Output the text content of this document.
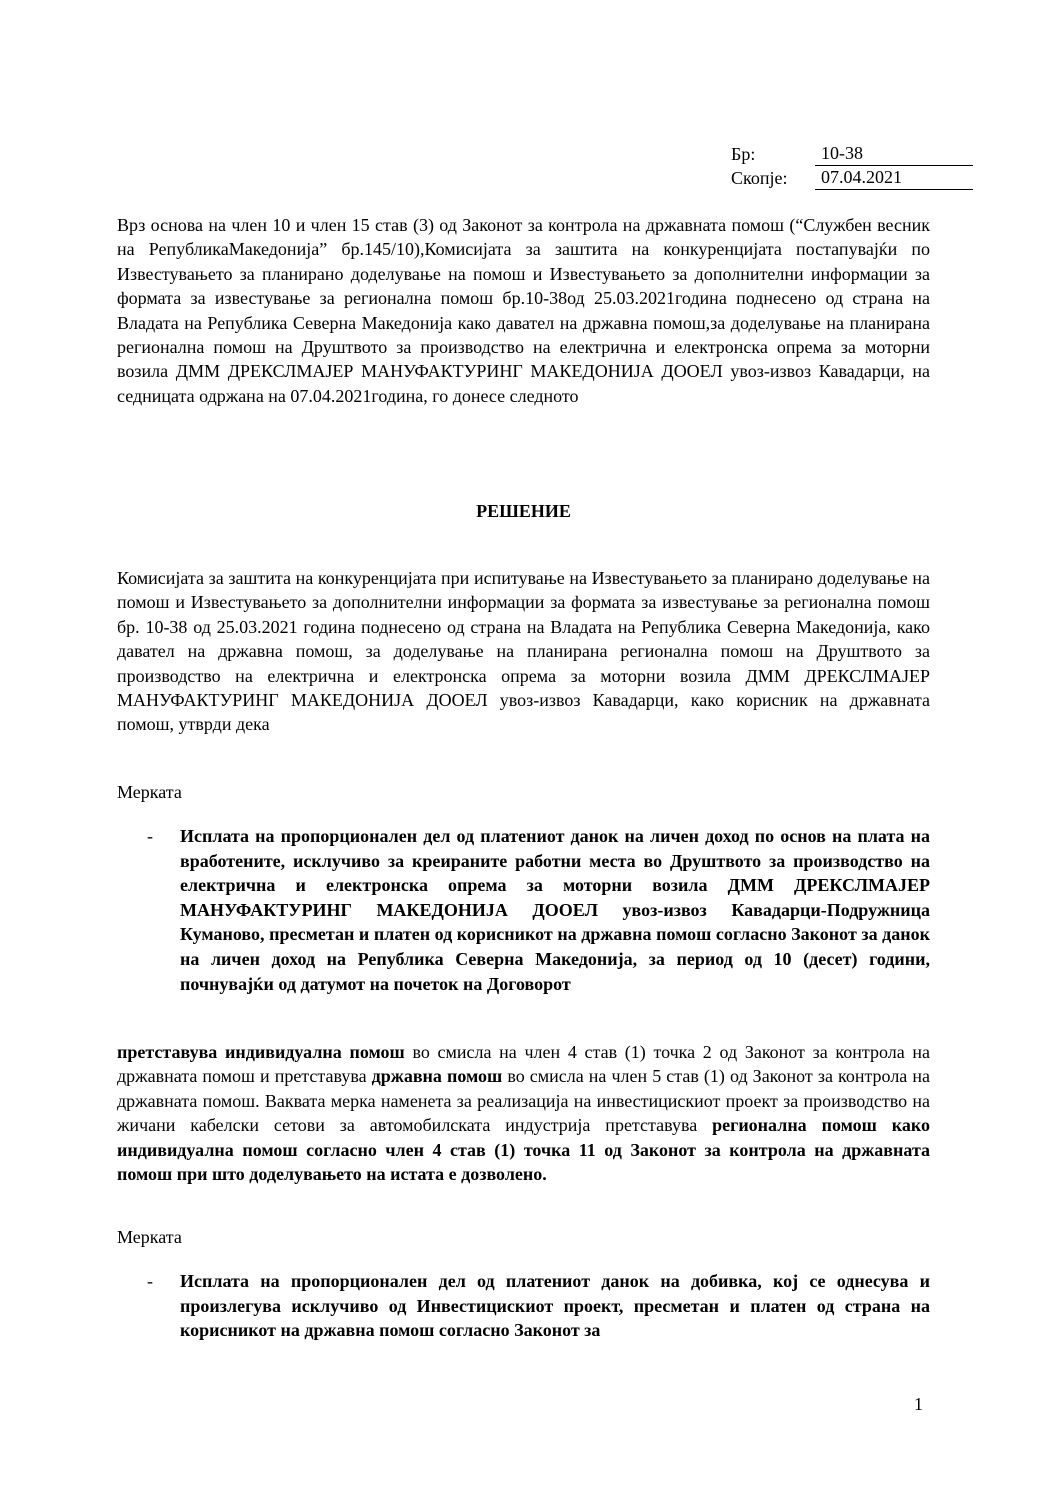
Бр:	10-38
Скопје:	07.04.2021

Врз основа на член 10 и член 15 став (3) од Законот за контрола на државната помош (“Службен весник на РепубликаМакедонија” бр.145/10),Комисијата за заштита на конкуренцијата постапувајќи по Известувањето за планирано доделување на помош и Известувањето за дополнителни информации за формата за известување за регионална помош бр.10-38од 25.03.2021година поднесено од страна на Владата на Република Северна Македонија како давател на државна помош,за доделување на планирана регионална помош на Друштвото за производство на електрична и електронска опрема за моторни возила ДММ ДРЕКСЛМАЈЕР МАНУФАКТУРИНГ МАКЕДОНИЈА ДООЕЛ увоз-извоз Кавадарци, на седницата одржана на 07.04.2021година, го донесе следното

РЕШЕНИЕ

Комисијата за заштита на конкуренцијата при испитување на Известувањето за планирано доделување на помош и Известувањето за дополнителни информации за формата за известување за регионална помош бр. 10-38 од 25.03.2021 година поднесено од страна на Владата на Република Северна Македонија, како давател на државна помош, за доделување на планирана регионална помош на Друштвото за производство на електрична и електронска опрема за моторни возила ДММ ДРЕКСЛМАЈЕР МАНУФАКТУРИНГ МАКЕДОНИЈА ДООЕЛ увоз-извоз Кавадарци, како корисник на државната помош, утврди дека

Мерката

- Исплата на пропорционален дел од платениот данок на личен доход по основ на плата на вработените, исклучиво за креираните работни места во Друштвото за производство на електрична и електронска опрема за моторни возила ДММ ДРЕКСЛМАЈЕР МАНУФАКТУРИНГ МАКЕДОНИЈА ДООЕЛ увоз-извоз Кавадарци-Подружница Куманово, пресметан и платен од корисникот на државна помош согласно Законот за данок на личен доход на Република Северна Македонија, за период од 10 (десет) години, почнувајќи од датумот на почеток на Договорот

претставува индивидуална помош во смисла на член 4 став (1) точка 2 од Законот за контрола на државната помош и претставува државна помош во смисла на член 5 став (1) од Законот за контрола на државната помош. Ваквата мерка наменета за реализација на инвестицискиот проект за производство на жичани кабелски сетови за автомобилската индустрија претставува регионална помош како индивидуална помош согласно член 4 став (1) точка 11 од Законот за контрола на државната помош при што доделувањето на истата е дозволено.

Мерката

- Исплата на пропорционален дел од платениот данок на добивка, кој се однесува и произлегува исклучиво од Инвестицискиот проект, пресметан и платен од страна на корисникот на државна помош согласно Законот за

1
